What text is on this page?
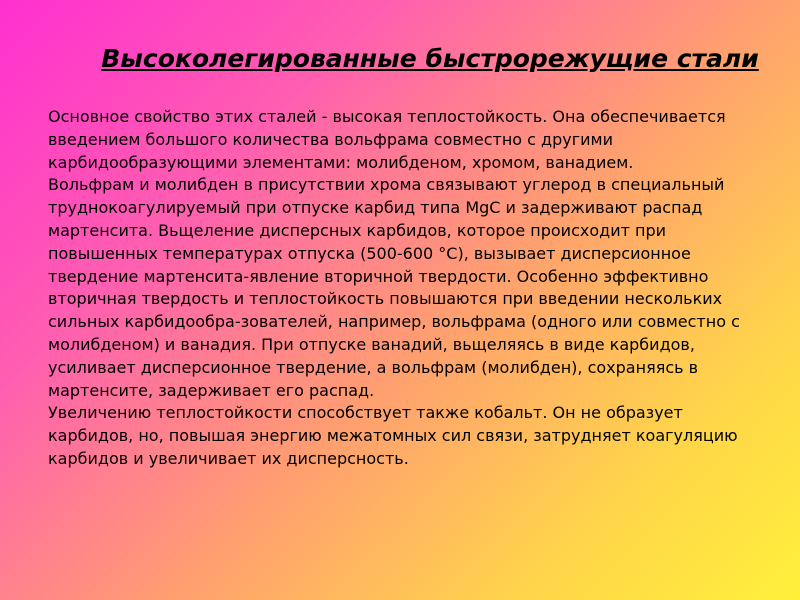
Высоколегированные быстрорежущие стали

Основное свойство этих сталей - высокая теплостойкость. Она обеспечивается введением большого количества вольфрама совместно с другими карбидообразующими элементами: молибденом, хромом, ванадием.

Вольфрам и молибден в присутствии хрома связывают углерод в специальный труднокоагулируемый при отпуске карбид типа MgC и задерживают распад мартенсита. Вьщеление дисперсных карбидов, которое происходит при повышенных температурах отпуска (500-600 °С), вызывает дисперсионное твердение мартенсита-явление вторичной твердости. Особенно эффективно вторичная твердость и теплостойкость повышаются при введении нескольких сильных карбидообра-зователей, например, вольфрама (одного или совместно с молибденом) и ванадия. При отпуске ванадий, вьщеляясь в виде карбидов, усиливает дисперсионное твердение, а вольфрам (молибден), сохраняясь в мартенсите, задерживает его распад.

Увеличению теплостойкости способствует также кобальт. Он не образует карбидов, но, повышая энергию межатомных сил связи, затрудняет коагуляцию карбидов и увеличивает их дисперсность.
